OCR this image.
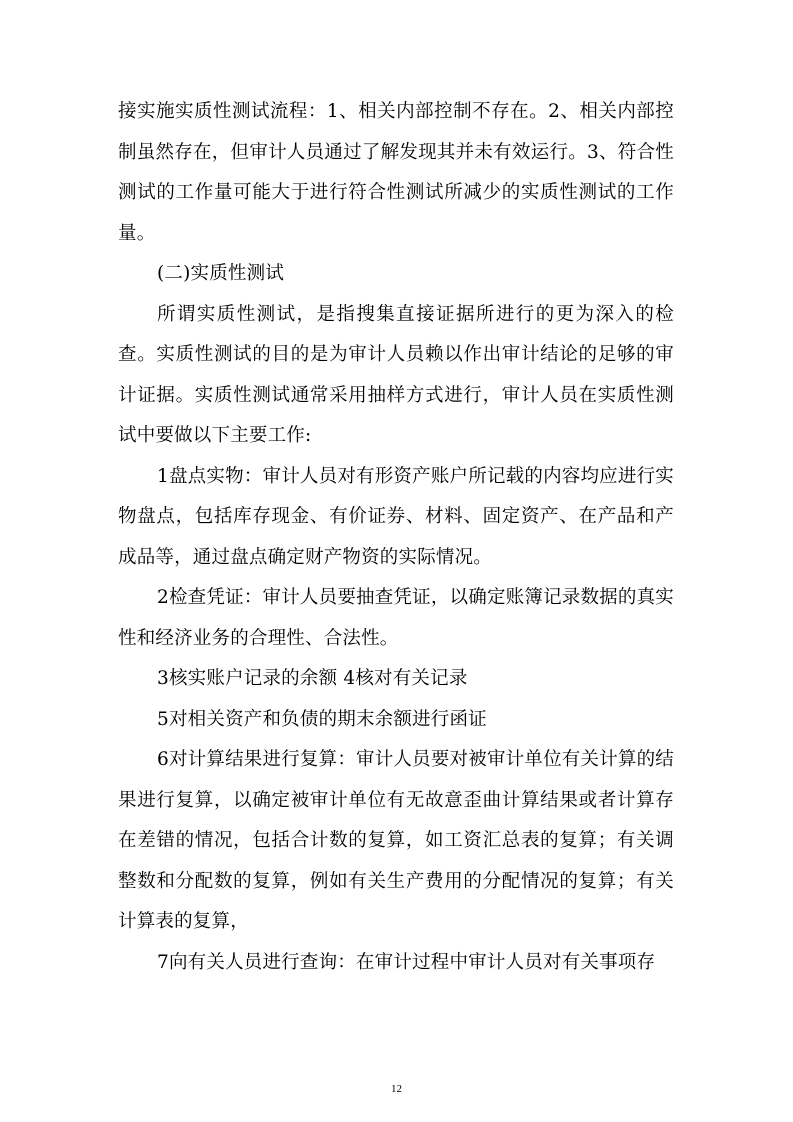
接实施实质性测试流程：1、相关内部控制不存在。2、相关内部控制虽然存在，但审计人员通过了解发现其并未有效运行。3、符合性测试的工作量可能大于进行符合性测试所减少的实质性测试的工作量。

(二)实质性测试

所谓实质性测试，是指搜集直接证据所进行的更为深入的检查。实质性测试的目的是为审计人员赖以作出审计结论的足够的审计证据。实质性测试通常采用抽样方式进行，审计人员在实质性测试中要做以下主要工作:

1盘点实物：审计人员对有形资产账户所记载的内容均应进行实物盘点，包括库存现金、有价证券、材料、固定资产、在产品和产成品等，通过盘点确定财产物资的实际情况。

2检查凭证：审计人员要抽查凭证，以确定账簿记录数据的真实性和经济业务的合理性、合法性。

3核实账户记录的余额 4核对有关记录

5对相关资产和负债的期末余额进行函证

6对计算结果进行复算：审计人员要对被审计单位有关计算的结果进行复算，以确定被审计单位有无故意歪曲计算结果或者计算存在差错的情况，包括合计数的复算，如工资汇总表的复算；有关调整数和分配数的复算，例如有关生产费用的分配情况的复算；有关计算表的复算，

7向有关人员进行查询：在审计过程中审计人员对有关事项存

12
